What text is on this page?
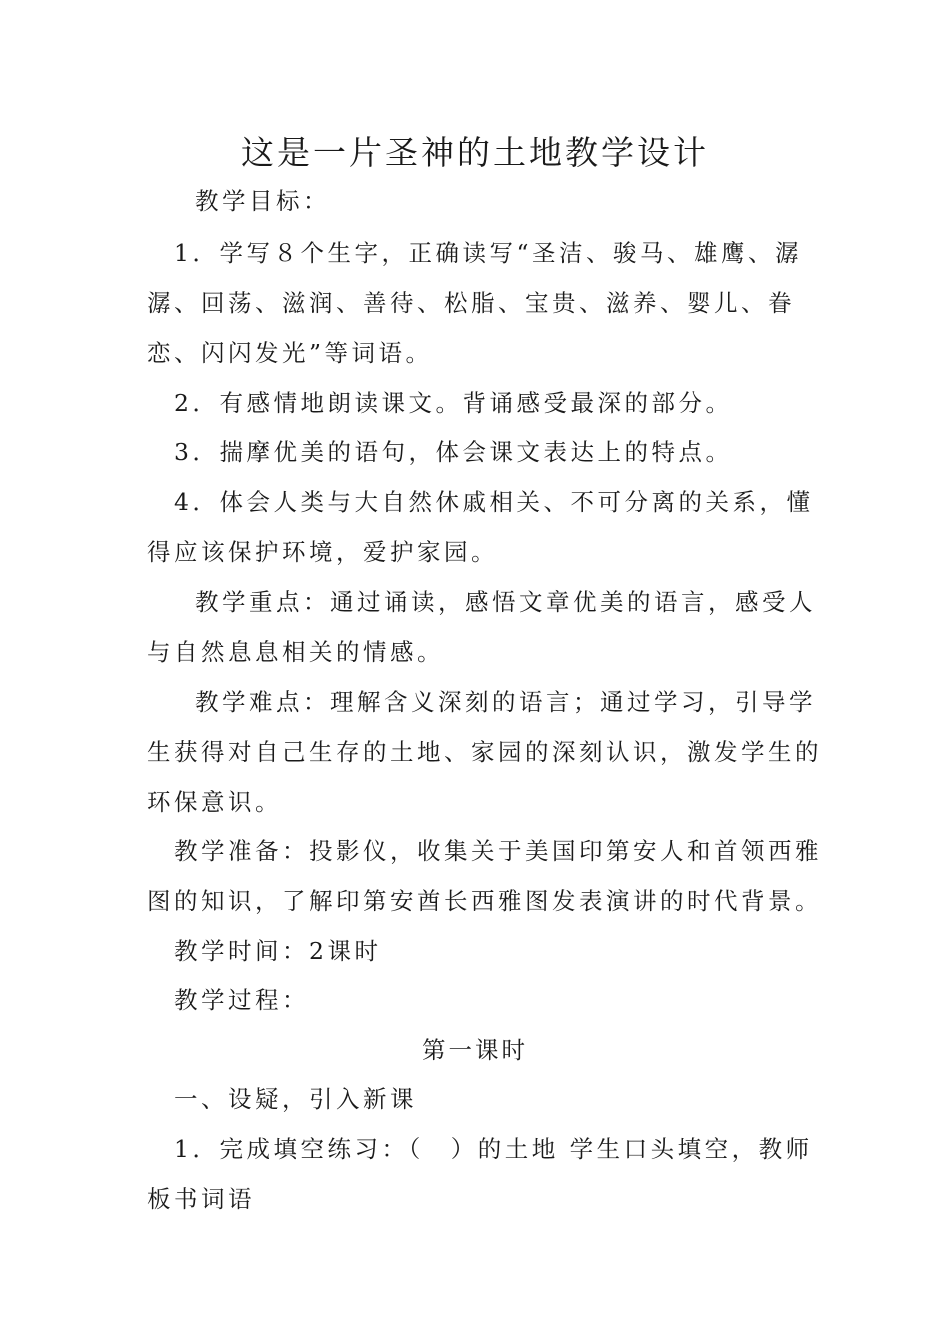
这是一片圣神的土地教学设计

教学目标：

1．学写８个生字，正确读写“圣洁、骏马、雄鹰、潺潺、回荡、滋润、善待、松脂、宝贵、滋养、婴儿、眷恋、闪闪发光”等词语。

2．有感情地朗读课文。背诵感受最深的部分。

3．揣摩优美的语句，体会课文表达上的特点。

4．体会人类与大自然休戚相关、不可分离的关系，懂得应该保护环境，爱护家园。

教学重点：通过诵读，感悟文章优美的语言，感受人与自然息息相关的情感。

教学难点：理解含义深刻的语言；通过学习，引导学生获得对自己生存的土地、家园的深刻认识，激发学生的环保意识。

教学准备：投影仪，收集关于美国印第安人和首领西雅图的知识，了解印第安酋长西雅图发表演讲的时代背景。

教学时间：2课时

教学过程：

第一课时

一、设疑，引入新课

1．完成填空练习：（　）的土地 学生口头填空，教师板书词语
